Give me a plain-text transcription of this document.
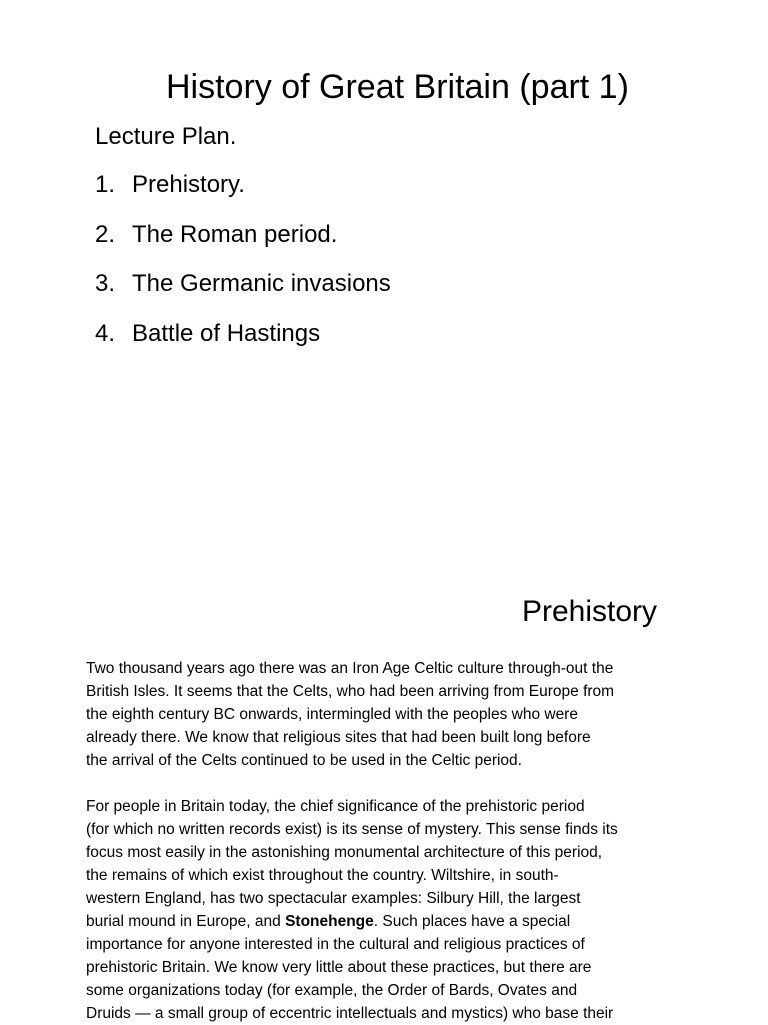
History of Great Britain (part 1)
Lecture Plan.
1. Prehistory.
2. The Roman period.
3. The Germanic invasions
4. Battle of Hastings
Prehistory
Two thousand years ago there was an Iron Age Celtic culture through-out the
British Isles. It seems that the Celts, who had been arriving from Europe from
the eighth century BC onwards, intermingled with the peoples who were
already there. We know that religious sites that had been built long before
the arrival of the Celts continued to be used in the Celtic period.
For people in Britain today, the chief significance of the prehistoric period
(for which no written records exist) is its sense of mystery. This sense finds its
focus most easily in the astonishing monumental architecture of this period,
the remains of which exist throughout the country. Wiltshire, in south-
western England, has two spectacular examples: Silbury Hill, the largest
burial mound in Europe, and Stonehenge. Such places have a special
importance for anyone interested in the cultural and religious practices of
prehistoric Britain. We know very little about these practices, but there are
some organizations today (for example, the Order of Bards, Ovates and
Druids — a small group of eccentric intellectuals and mystics) who base their
